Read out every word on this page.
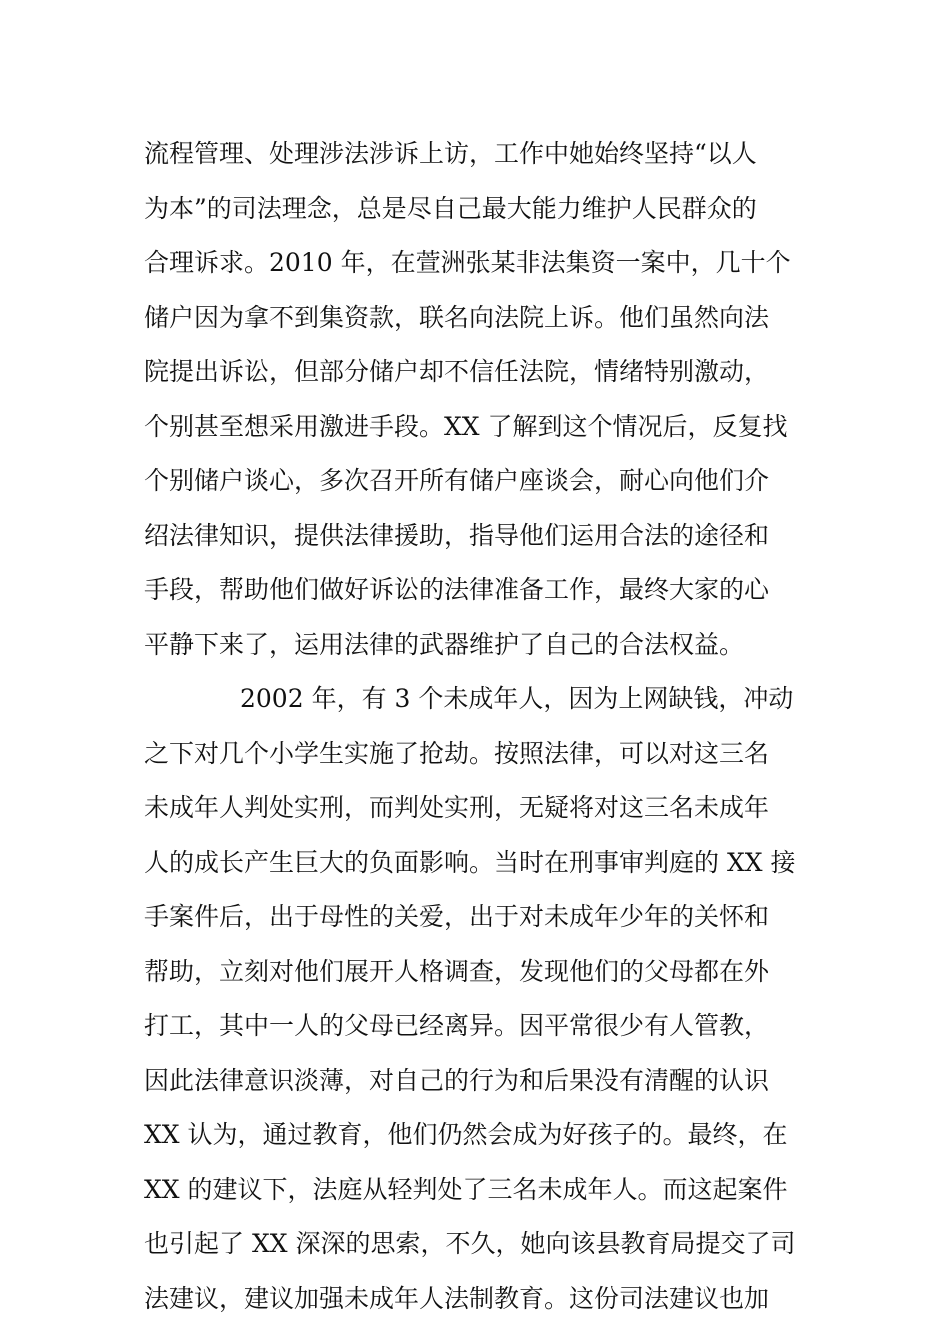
流程管理、处理涉法涉诉上访，工作中她始终坚持“以人
为本”的司法理念，总是尽自己最大能力维护人民群众的
合理诉求。2010 年，在萱洲张某非法集资一案中，几十个
储户因为拿不到集资款，联名向法院上诉。他们虽然向法
院提出诉讼，但部分储户却不信任法院，情绪特别激动，
个别甚至想采用激进手段。XX 了解到这个情况后，反复找
个别储户谈心，多次召开所有储户座谈会，耐心向他们介
绍法律知识，提供法律援助，指导他们运用合法的途径和
手段，帮助他们做好诉讼的法律准备工作，最终大家的心
平静下来了，运用法律的武器维护了自己的合法权益。
2002 年，有 3 个未成年人，因为上网缺钱，冲动
之下对几个小学生实施了抢劫。按照法律，可以对这三名
未成年人判处实刑，而判处实刑，无疑将对这三名未成年
人的成长产生巨大的负面影响。当时在刑事审判庭的 XX 接
手案件后，出于母性的关爱，出于对未成年少年的关怀和
帮助，立刻对他们展开人格调查，发现他们的父母都在外
打工，其中一人的父母已经离异。因平常很少有人管教，
因此法律意识淡薄，对自己的行为和后果没有清醒的认识
XX 认为，通过教育，他们仍然会成为好孩子的。最终，在
XX 的建议下，法庭从轻判处了三名未成年人。而这起案件
也引起了 XX 深深的思索，不久，她向该县教育局提交了司
法建议，建议加强未成年人法制教育。这份司法建议也加
